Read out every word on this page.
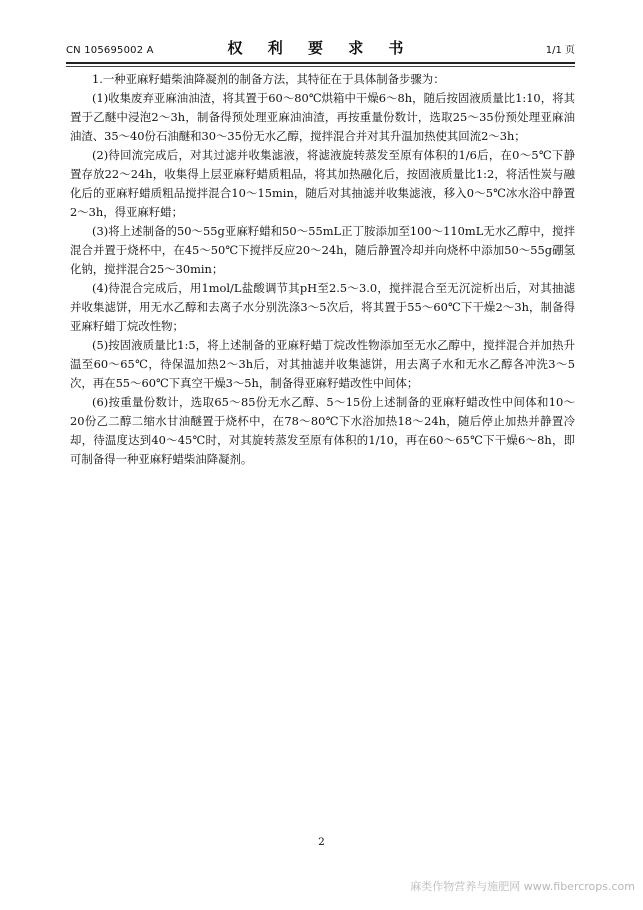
CN 105695002 A	权 利 要 求 书	1/1 页

1.一种亚麻籽蜡柴油降凝剂的制备方法，其特征在于具体制备步骤为：

(1)收集废弃亚麻油油渣，将其置于60～80℃烘箱中干燥6～8h，随后按固液质量比1:10，将其置于乙醚中浸泡2～3h，制备得预处理亚麻油油渣，再按重量份数计，选取25～35份预处理亚麻油油渣、35～40份石油醚和30～35份无水乙醇，搅拌混合并对其升温加热使其回流2～3h；

(2)待回流完成后，对其过滤并收集滤液，将滤液旋转蒸发至原有体积的1/6后，在0～5℃下静置存放22～24h，收集得上层亚麻籽蜡质粗品，将其加热融化后，按固液质量比1:2，将活性炭与融化后的亚麻籽蜡质粗品搅拌混合10～15min，随后对其抽滤并收集滤液，移入0～5℃冰水浴中静置2～3h，得亚麻籽蜡；

(3)将上述制备的50～55g亚麻籽蜡和50～55mL正丁胺添加至100～110mL无水乙醇中，搅拌混合并置于烧杯中，在45～50℃下搅拌反应20～24h，随后静置冷却并向烧杯中添加50～55g硼氢化钠，搅拌混合25～30min；

(4)待混合完成后，用1mol/L盐酸调节其pH至2.5～3.0，搅拌混合至无沉淀析出后，对其抽滤并收集滤饼，用无水乙醇和去离子水分别洗涤3～5次后，将其置于55～60℃下干燥2～3h，制备得亚麻籽蜡丁烷改性物；

(5)按固液质量比1:5，将上述制备的亚麻籽蜡丁烷改性物添加至无水乙醇中，搅拌混合并加热升温至60～65℃，待保温加热2～3h后，对其抽滤并收集滤饼，用去离子水和无水乙醇各冲洗3～5次，再在55～60℃下真空干燥3～5h，制备得亚麻籽蜡改性中间体；

(6)按重量份数计，选取65～85份无水乙醇、5～15份上述制备的亚麻籽蜡改性中间体和10～20份乙二醇二缩水甘油醚置于烧杯中，在78～80℃下水浴加热18～24h，随后停止加热并静置冷却，待温度达到40～45℃时，对其旋转蒸发至原有体积的1/10，再在60～65℃下干燥6～8h，即可制备得一种亚麻籽蜡柴油降凝剂。

2
麻类作物营养与施肥网 www.fibercrops.com
